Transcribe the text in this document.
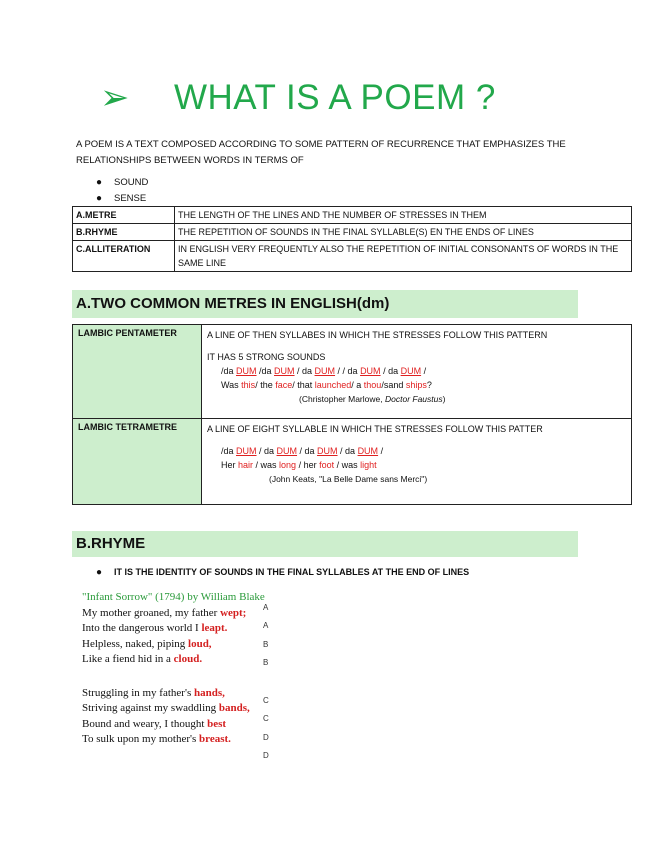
➢ WHAT IS A POEM ?
A POEM IS A TEXT COMPOSED ACCORDING TO SOME PATTERN OF RECURRENCE THAT EMPHASIZES THE RELATIONSHIPS BETWEEN WORDS IN TERMS OF
● SOUND
● SENSE
A.METRE	THE LENGTH OF THE LINES AND THE NUMBER OF STRESSES IN THEM
B.RHYME	THE REPETITION OF SOUNDS IN THE FINAL SYLLABLE(S) EN THE ENDS OF LINES
C.ALLITERATION	IN ENGLISH VERY FREQUENTLY ALSO THE REPETITION OF INITIAL CONSONANTS OF WORDS IN THE SAME LINE
A.TWO COMMON METRES IN ENGLISH(dm)
LAMBIC PENTAMETER	A LINE OF THEN SYLLABES IN WHICH THE STRESSES FOLLOW THIS PATTERN
IT HAS 5 STRONG SOUNDS
/da DUM /da DUM / da DUM / / da DUM / da DUM /
Was this/ the face/ that launched/ a thou/sand ships?
(Christopher Marlowe, Doctor Faustus)

LAMBIC TETRAMETRE	A LINE OF EIGHT SYLLABLE IN WHICH THE STRESSES FOLLOW THIS PATTER
/da DUM / da DUM / da DUM / da DUM /
Her hair / was long / her foot / was light
(John Keats, "La Belle Dame sans Merci")
B.RHYME
● IT IS THE IDENTITY OF SOUNDS IN THE FINAL SYLLABLES AT THE END OF LINES
"Infant Sorrow" (1794) by William Blake
My mother groaned, my father wept;
Into the dangerous world I leapt.
Helpless, naked, piping loud,
Like a fiend hid in a cloud.
Struggling in my father's hands,
Striving against my swaddling bands,
Bound and weary, I thought best
To sulk upon my mother's breast.
A
A
B
B
C
C
D
D
